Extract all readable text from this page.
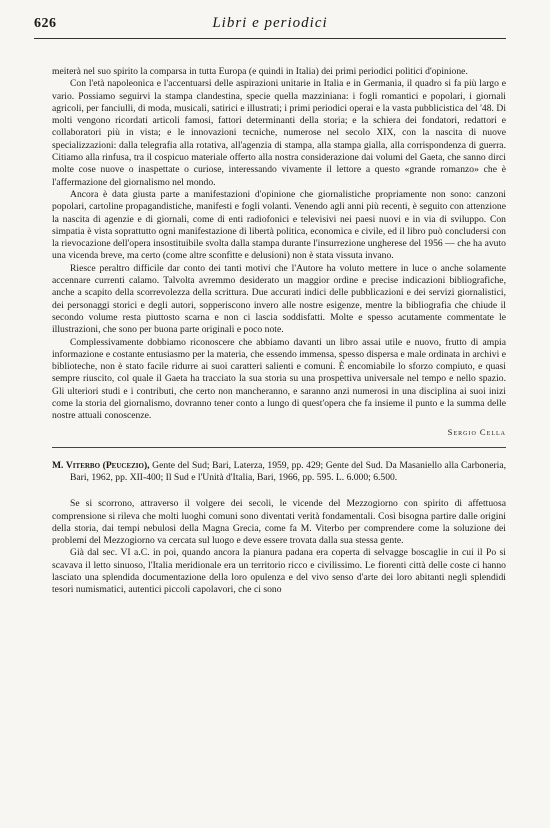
626	Libri e periodici

meiterà nel suo spirito la comparsa in tutta Europa (e quindi in Italia) dei primi periodici politici d'opinione.

Con l'età napoleonica e l'accentuarsi delle aspirazioni unitarie in Italia e in Germania, il quadro si fa più largo e vario. Possiamo seguirvi la stampa clandestina, specie quella mazziniana: i fogli romantici e popolari, i giornali agricoli, per fanciulli, di moda, musicali, satirici e illustrati; i primi periodici operai e la vasta pubblicistica del '48. Di molti vengono ricordati articoli famosi, fattori determinanti della storia; e la schiera dei fondatori, redattori e collaboratori più in vista; e le innovazioni tecniche, numerose nel secolo XIX, con la nascita di nuove specializzazioni: dalla telegrafia alla rotativa, all'agenzia di stampa, alla stampa gialla, alla corrispondenza di guerra. Citiamo alla rinfusa, tra il cospicuo materiale offerto alla nostra considerazione dai volumi del Gaeta, che sanno dirci molte cose nuove o inaspettate o curiose, interessando vivamente il lettore a questo «grande romanzo» che è l'affermazione del giornalismo nel mondo.

Ancora è data giusta parte a manifestazioni d'opinione che giornalistiche propriamente non sono: canzoni popolari, cartoline propagandistiche, manifesti e fogli volanti. Venendo agli anni più recenti, è seguito con attenzione la nascita di agenzie e di giornali, come di enti radiofonici e televisivi nei paesi nuovi e in via di sviluppo. Con simpatia è vista soprattutto ogni manifestazione di libertà politica, economica e civile, ed il libro può concludersi con la rievocazione dell'opera insostituibile svolta dalla stampa durante l'insurrezione ungherese del 1956 — che ha avuto una vicenda breve, ma certo (come altre sconfitte e delusioni) non è stata vissuta invano.

Riesce peraltro difficile dar conto dei tanti motivi che l'Autore ha voluto mettere in luce o anche solamente accennare currenti calamo. Talvolta avremmo desiderato un maggior ordine e precise indicazioni bibliografiche, anche a scapito della scorrevolezza della scrittura. Due accurati indici delle pubblicazioni e dei servizi giornalistici, dei personaggi storici e degli autori, sopperiscono invero alle nostre esigenze, mentre la bibliografia che chiude il secondo volume resta piuttosto scarna e non ci lascia soddisfatti. Molte e spesso acutamente commentate le illustrazioni, che sono per buona parte originali e poco note.

Complessivamente dobbiamo riconoscere che abbiamo davanti un libro assai utile e nuovo, frutto di ampia informazione e costante entusiasmo per la materia, che essendo immensa, spesso dispersa e male ordinata in archivi e biblioteche, non è stato facile ridurre ai suoi caratteri salienti e comuni. È encomiabile lo sforzo compiuto, e quasi sempre riuscito, col quale il Gaeta ha tracciato la sua storia su una prospettiva universale nel tempo e nello spazio. Gli ulteriori studi e i contributi, che certo non mancheranno, e saranno anzi numerosi in una disciplina ai suoi inizi come la storia del giornalismo, dovranno tener conto a lungo di quest'opera che fa insieme il punto e la summa delle nostre attuali conoscenze.

Sergio Cella
M. Viterbo (Peucezio), Gente del Sud; Bari, Laterza, 1959, pp. 429; Gente del Sud. Da Masaniello alla Carboneria, Bari, 1962, pp. XII-400; Il Sud e l'Unità d'Italia, Bari, 1966, pp. 595. L. 6.000; 6.500.

Se si scorrono, attraverso il volgere dei secoli, le vicende del Mezzogiorno con spirito di affettuosa comprensione si rileva che molti luoghi comuni sono diventati verità fondamentali. Così bisogna partire dalle origini della storia, dai tempi nebulosi della Magna Grecia, come fa M. Viterbo per comprendere come la soluzione dei problemi del Mezzogiorno va cercata sul luogo e deve essere trovata dalla sua stessa gente.

Già dal sec. VI a.C. in poi, quando ancora la pianura padana era coperta di selvagge boscaglie in cui il Po si scavava il letto sinuoso, l'Italia meridionale era un territorio ricco e civilissimo. Le fiorenti città delle coste ci hanno lasciato una splendida documentazione della loro opulenza e del vivo senso d'arte dei loro abitanti negli splendidi tesori numismatici, autentici piccoli capolavori, che ci sono
